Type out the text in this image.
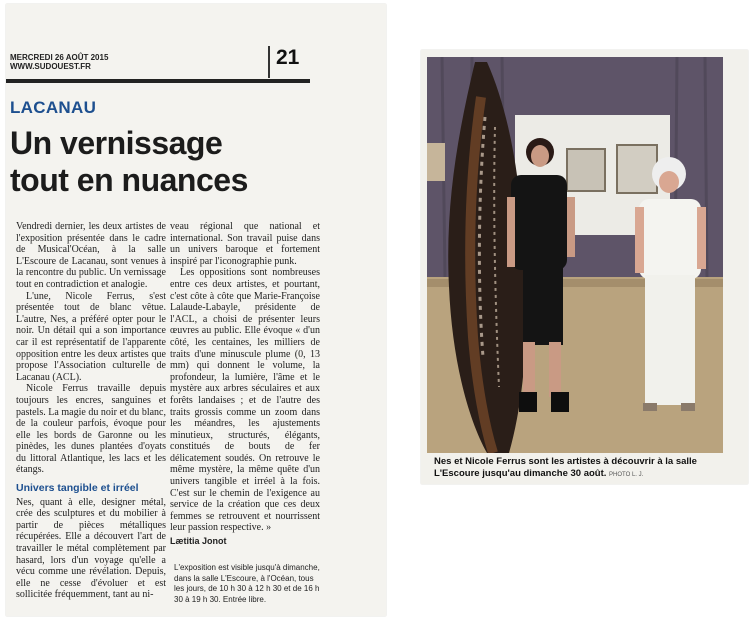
MERCREDI 26 AOÛT 2015
WWW.SUDOUEST.FR	21
LACANAU
Un vernissage
tout en nuances

Vendredi dernier, les deux artistes de l'exposition présentée dans le cadre de Musical'Océan, à la salle L'Escoure de Lacanau, sont venues à la rencontre du public. Un vernissage tout en contradiction et analogie.

L'une, Nicole Ferrus, s'est présentée tout de blanc vêtue. L'autre, Nes, a préféré opter pour le noir. Un détail qui a son importance car il est représentatif de l'apparente opposition entre les deux artistes que propose l'Association culturelle de Lacanau (ACL).

Nicole Ferrus travaille depuis toujours les encres, sanguines et pastels. La magie du noir et du blanc, de la couleur parfois, évoque pour elle les bords de Garonne ou les pinèdes, les dunes plantées d'oyats du littoral Atlantique, les lacs et les étangs.

Univers tangible et irréel

Nes, quant à elle, designer métal, crée des sculptures et du mobilier à partir de pièces métalliques récupérées. Elle a découvert l'art de travailler le métal complètement par hasard, lors d'un voyage qu'elle a vécu comme une révélation. Depuis, elle ne cesse d'évoluer et est sollicitée fréquemment, tant au ni-

veau régional que national et international. Son travail puise dans un univers baroque et fortement inspiré par l'iconographie punk.

Les oppositions sont nombreuses entre ces deux artistes, et pourtant, c'est côte à côte que Marie-Françoise Lalaude-Labayle, présidente de l'ACL, a choisi de présenter leurs œuvres au public. Elle évoque « d'un côté, les centaines, les milliers de traits d'une minuscule plume (0, 13 mm) qui donnent le volume, la profondeur, la lumière, l'âme et le mystère aux arbres séculaires et aux forêts landaises ; et de l'autre des traits grossis comme un zoom dans les méandres, les ajustements minutieux, structurés, élégants, constitués de bouts de fer délicatement soudés. On retrouve le même mystère, la même quête d'un univers tangible et irréel à la fois. C'est sur le chemin de l'exigence au service de la création que ces deux femmes se retrouvent et nourrissent leur passion respective. »

Lætitia Jonot
L'exposition est visible jusqu'à dimanche, dans la salle L'Escoure, à l'Océan, tous les jours, de 10 h 30 à 12 h 30 et de 16 h 30 à 19 h 30. Entrée libre.
Nes et Nicole Ferrus sont les artistes à découvrir à la salle L'Escoure jusqu'au dimanche 30 août. PHOTO L. J.
